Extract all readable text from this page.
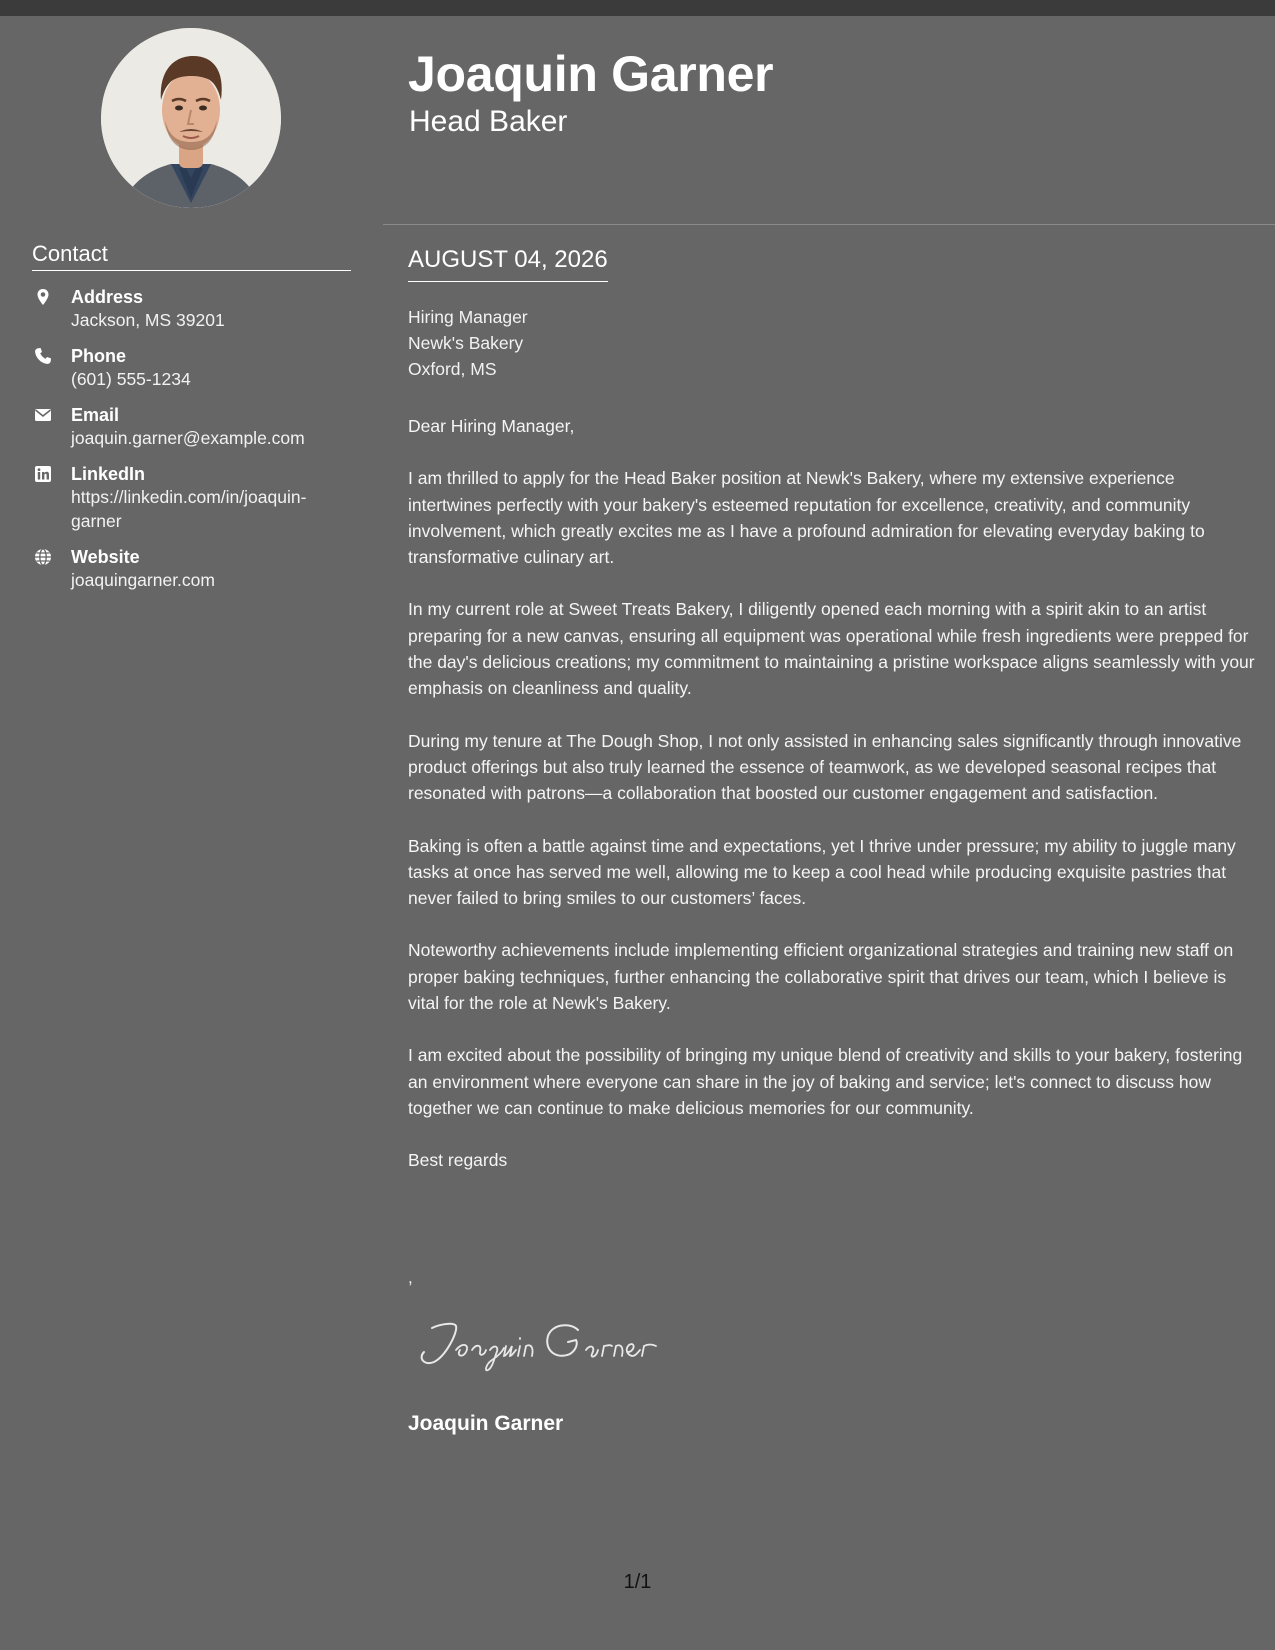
Joaquin Garner
Head Baker
Contact
Address
Jackson, MS 39201
Phone
(601) 555-1234
Email
joaquin.garner@example.com
LinkedIn
https://linkedin.com/in/joaquin-garner
Website
joaquingarner.com
AUGUST 04, 2026
Hiring Manager
Newk's Bakery
Oxford, MS

Dear Hiring Manager,

I am thrilled to apply for the Head Baker position at Newk's Bakery, where my extensive experience intertwines perfectly with your bakery's esteemed reputation for excellence, creativity, and community involvement, which greatly excites me as I have a profound admiration for elevating everyday baking to transformative culinary art.

In my current role at Sweet Treats Bakery, I diligently opened each morning with a spirit akin to an artist preparing for a new canvas, ensuring all equipment was operational while fresh ingredients were prepped for the day's delicious creations; my commitment to maintaining a pristine workspace aligns seamlessly with your emphasis on cleanliness and quality.

During my tenure at The Dough Shop, I not only assisted in enhancing sales significantly through innovative product offerings but also truly learned the essence of teamwork, as we developed seasonal recipes that resonated with patrons—a collaboration that boosted our customer engagement and satisfaction.

Baking is often a battle against time and expectations, yet I thrive under pressure; my ability to juggle many tasks at once has served me well, allowing me to keep a cool head while producing exquisite pastries that never failed to bring smiles to our customers’ faces.

Noteworthy achievements include implementing efficient organizational strategies and training new staff on proper baking techniques, further enhancing the collaborative spirit that drives our team, which I believe is vital for the role at Newk's Bakery.

I am excited about the possibility of bringing my unique blend of creativity and skills to your bakery, fostering an environment where everyone can share in the joy of baking and service; let's connect to discuss how together we can continue to make delicious memories for our community.

Best regards

,
Joaquin Garner
1/1
